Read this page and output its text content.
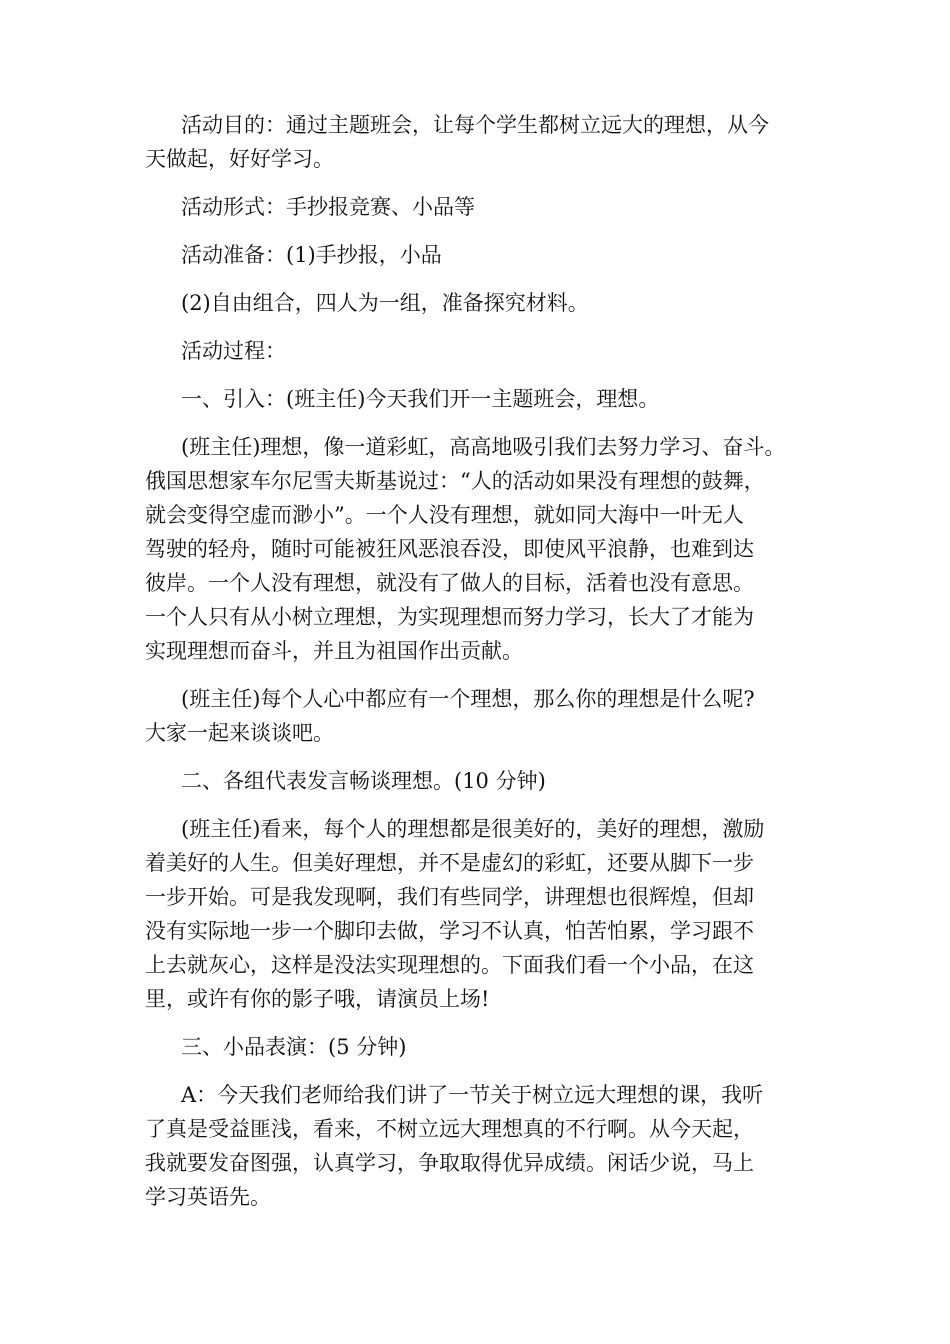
活动目的：通过主题班会，让每个学生都树立远大的理想，从今
天做起，好好学习。
活动形式：手抄报竞赛、小品等
活动准备：(1)手抄报，小品
(2)自由组合，四人为一组，准备探究材料。
活动过程：
一、引入：(班主任)今天我们开一主题班会，理想。
(班主任)理想，像一道彩虹，高高地吸引我们去努力学习、奋斗。
俄国思想家车尔尼雪夫斯基说过：“人的活动如果没有理想的鼓舞，
就会变得空虚而渺小”。一个人没有理想，就如同大海中一叶无人
驾驶的轻舟，随时可能被狂风恶浪吞没，即使风平浪静，也难到达
彼岸。一个人没有理想，就没有了做人的目标，活着也没有意思。
一个人只有从小树立理想，为实现理想而努力学习，长大了才能为
实现理想而奋斗，并且为祖国作出贡献。
(班主任)每个人心中都应有一个理想，那么你的理想是什么呢?
大家一起来谈谈吧。
二、各组代表发言畅谈理想。(10 分钟)
(班主任)看来，每个人的理想都是很美好的，美好的理想，激励
着美好的人生。但美好理想，并不是虚幻的彩虹，还要从脚下一步
一步开始。可是我发现啊，我们有些同学，讲理想也很辉煌，但却
没有实际地一步一个脚印去做，学习不认真，怕苦怕累，学习跟不
上去就灰心，这样是没法实现理想的。下面我们看一个小品，在这
里，或许有你的影子哦，请演员上场!
三、小品表演：(5 分钟)
A：今天我们老师给我们讲了一节关于树立远大理想的课，我听
了真是受益匪浅，看来，不树立远大理想真的不行啊。从今天起，
我就要发奋图强，认真学习，争取取得优异成绩。闲话少说，马上
学习英语先。
